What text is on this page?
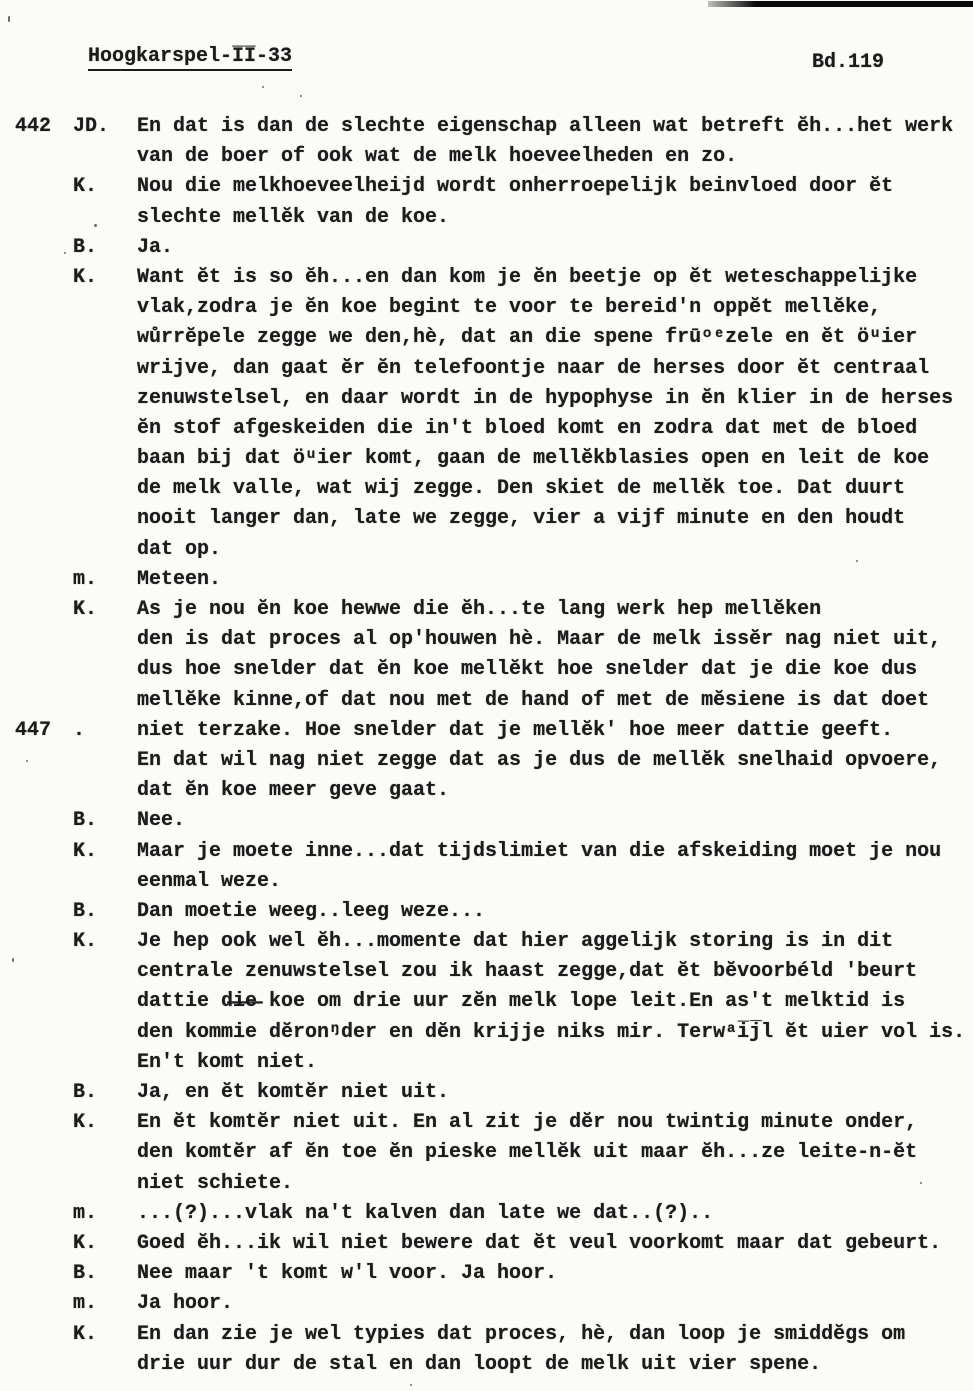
Hoogkarspel-I̅I̅-33	Bd.119
442	JD.	En dat is dan de slechte eigenschap alleen wat betreft ĕh...het werk
van de boer of ook wat de melk hoeveelheden en zo.
K.	Nou die melkhoeveelheijd wordt onherroepelijk beinvloed door ĕt
slechte mellĕk van de koe.
B.	Ja.
K.	Want ĕt is so ĕh...en dan kom je ĕn beetje op ĕt weteschappelijke
vlak,zodra je ĕn koe begint te voor te bereid'n oppĕt mellĕke,
wůrrĕpele zegge we den,hè, dat an die spene frūᵒᵉzele en ĕt öᵘier
wrijve, dan gaat ĕr ĕn telefoontje naar de herses door ĕt centraal
zenuwstelsel, en daar wordt in de hypophyse in ĕn klier in de herses
ĕn stof afgeskeiden die in't bloed komt en zodra dat met de bloed
baan bij dat öᵘier komt, gaan de mellĕkblasies open en leit de koe
de melk valle, wat wij zegge. Den skiet de mellĕk toe. Dat duurt
nooit langer dan, late we zegge, vier a vijf minute en den houdt
dat op.
m.	Meteen.
K.	As je nou ĕn koe hewwe die ĕh...te lang werk hep mellĕken
den is dat proces al op'houwen hè. Maar de melk issĕr nag niet uit,
dus hoe snelder dat ĕn koe mellĕkt hoe snelder dat je die koe dus
mellĕke kinne,of dat nou met de hand of met de mĕsiene is dat doet
447	.	niet terzake. Hoe snelder dat je mellĕk' hoe meer dattie geeft.
En dat wil nag niet zegge dat as je dus de mellĕk snelhaid opvoere,
dat ĕn koe meer geve gaat.
B.	Nee.
K.	Maar je moete inne...dat tijdslimiet van die afskeiding moet je nou
eenmal weze.
B.	Dan moetie weeg..leeg weze...
K.	Je hep ook wel ĕh...momente dat hier aggelijk storing is in dit
centrale zenuwstelsel zou ik haast zegge,dat ĕt bĕvoorbéld 'beurt
dattie d̶i̶e̶ koe om drie uur zĕn melk lope leit.En as't melktid is
den kommie dĕronᵑder en dĕn krijje niks mir. Terwᵃi̅j̅l ĕt uier vol is.
En't komt niet.
B.	Ja, en ĕt komtĕr niet uit.
K.	En ĕt komtĕr niet uit. En al zit je dĕr nou twintig minute onder,
den komtĕr af ĕn toe ĕn pieske mellĕk uit maar ĕh...ze leite-n-ĕt
niet schiete.
m.	...(?)...vlak na't kalven dan late we dat..(?)..
K.	Goed ĕh...ik wil niet bewere dat ĕt veul voorkomt maar dat gebeurt.
B.	Nee maar 't komt w'l voor. Ja hoor.
m.	Ja hoor.
K.	En dan zie je wel typies dat proces, hè, dan loop je smiddĕgs om
drie uur dur de stal en dan loopt de melk uit vier spene.
